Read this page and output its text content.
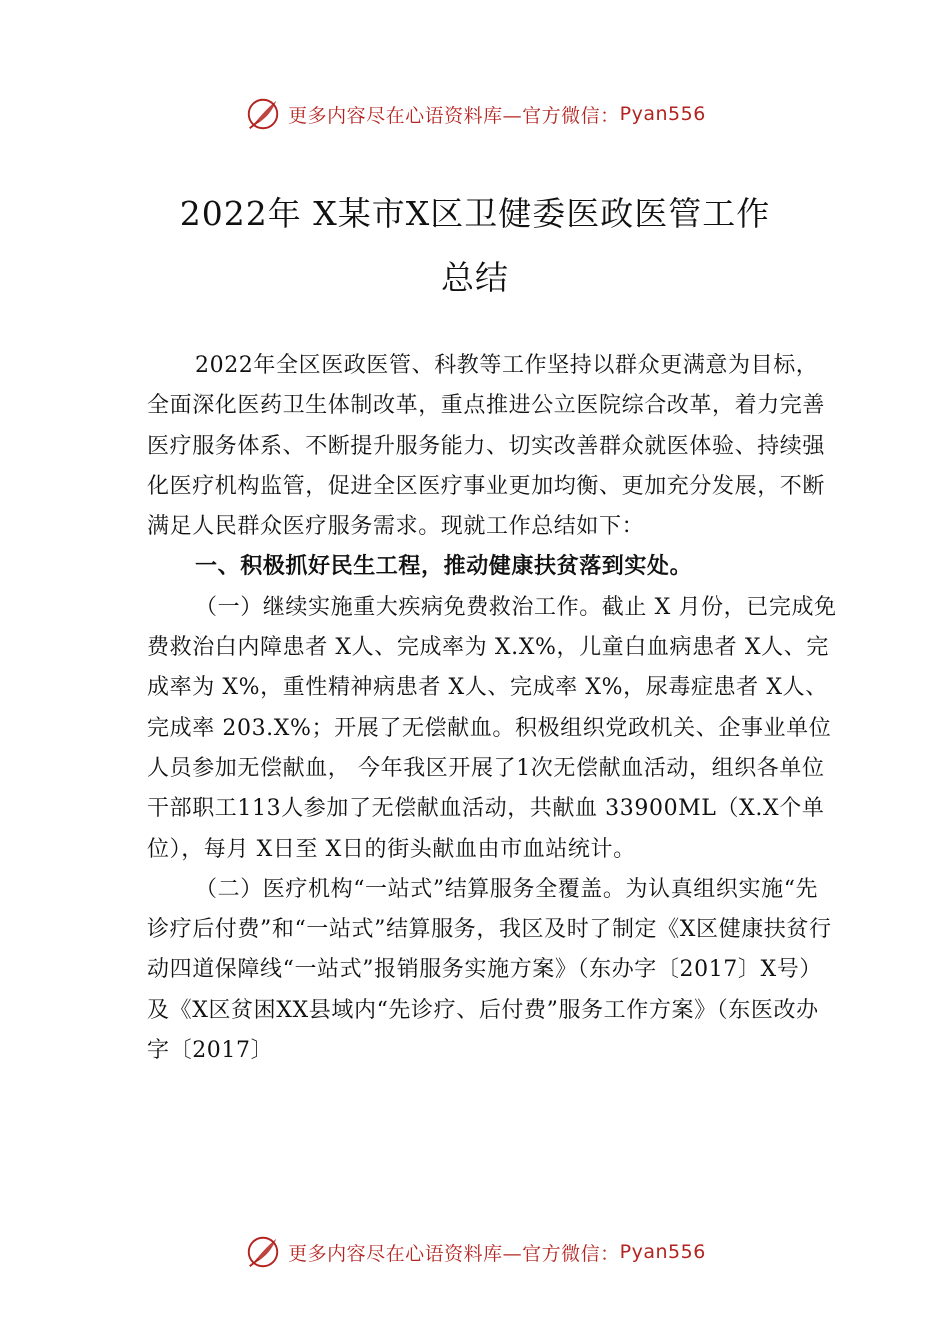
更多内容尽在心语资料库—官方微信： Pyan556
2022年 X某市X区卫健委医政医管工作
总结

2022年全区医政医管、科教等工作坚持以群众更满意为目标，全面深化医药卫生体制改革，重点推进公立医院综合改革，着力完善医疗服务体系、不断提升服务能力、切实改善群众就医体验、持续强化医疗机构监管，促进全区医疗事业更加均衡、更加充分发展，不断满足人民群众医疗服务需求。现就工作总结如下：

一、积极抓好民生工程，推动健康扶贫落到实处。

（一）继续实施重大疾病免费救治工作。截止 X 月份，已完成免费救治白内障患者 X人、完成率为 X.X%，儿童白血病患者 X人、完成率为 X%，重性精神病患者 X人、完成率 X%，尿毒症患者 X人、完成率 203.X%；开展了无偿献血。积极组织党政机关、企事业单位人员参加无偿献血， 今年我区开展了1次无偿献血活动，组织各单位干部职工113人参加了无偿献血活动，共献血 33900ML（X.X个单位），每月 X日至 X日的街头献血由市血站统计。

（二）医疗机构“一站式”结算服务全覆盖。为认真组织实施“先诊疗后付费”和“一站式”结算服务，我区及时了制定《X区健康扶贫行动四道保障线“一站式”报销服务实施方案》（东办字〔2017〕X号）及《X区贫困XX县域内“先诊疗、后付费”服务工作方案》（东医改办字〔2017〕

更多内容尽在心语资料库—官方微信： Pyan556
